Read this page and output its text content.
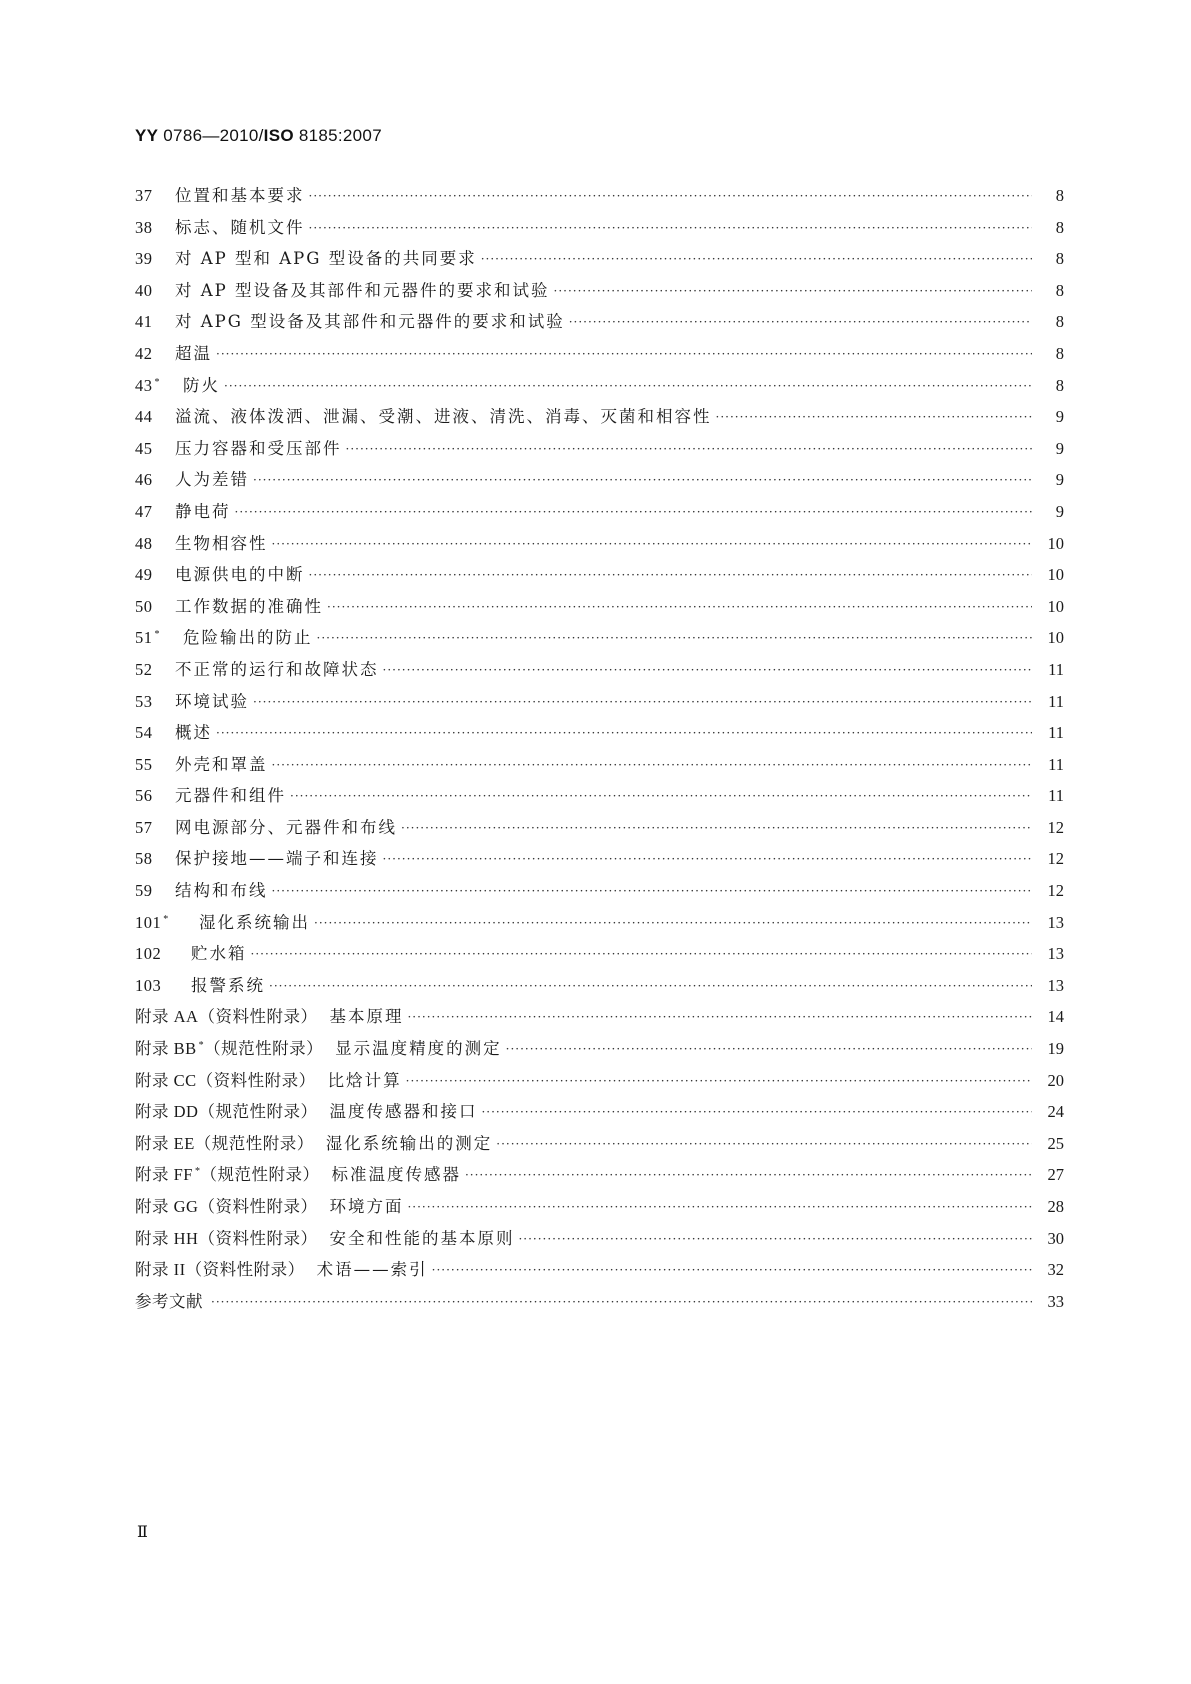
YY 0786—2010/ISO 8185:2007
37	位置和基本要求 ·····	8
38	标志、随机文件 ·····	8
39	对 AP 型和 APG 型设备的共同要求 ·····	8
40	对 AP 型设备及其部件和元器件的要求和试验 ·····	8
41	对 APG 型设备及其部件和元器件的要求和试验 ·····	8
42	超温 ·····	8
43 *	防火 ·····	8
44	溢流、液体泼洒、泄漏、受潮、进液、清洗、消毒、灭菌和相容性 ·····	9
45	压力容器和受压部件 ·····	9
46	人为差错 ·····	9
47	静电荷 ·····	9
48	生物相容性 ·····	10
49	电源供电的中断 ·····	10
50	工作数据的准确性 ·····	10
51 *	危险输出的防止 ·····	10
52	不正常的运行和故障状态 ·····	11
53	环境试验 ·····	11
54	概述 ·····	11
55	外壳和罩盖 ·····	11
56	元器件和组件 ·····	11
57	网电源部分、元器件和布线 ·····	12
58	保护接地——端子和连接 ·····	12
59	结构和布线 ·····	12
101 *	湿化系统输出 ·····	13
102	贮水箱 ·····	13
103	报警系统 ·····	13
附录 AA（资料性附录） 基本原理 ·····	14
附录 BB *（规范性附录） 显示温度精度的测定 ·····	19
附录 CC（资料性附录） 比焓计算 ·····	20
附录 DD（规范性附录） 温度传感器和接口 ·····	24
附录 EE（规范性附录） 湿化系统输出的测定 ·····	25
附录 FF *（规范性附录） 标准温度传感器 ·····	27
附录 GG（资料性附录） 环境方面 ·····	28
附录 HH（资料性附录） 安全和性能的基本原则 ·····	30
附录 II（资料性附录） 术语——索引 ·····	32
参考文献 ·····	33
Ⅱ
